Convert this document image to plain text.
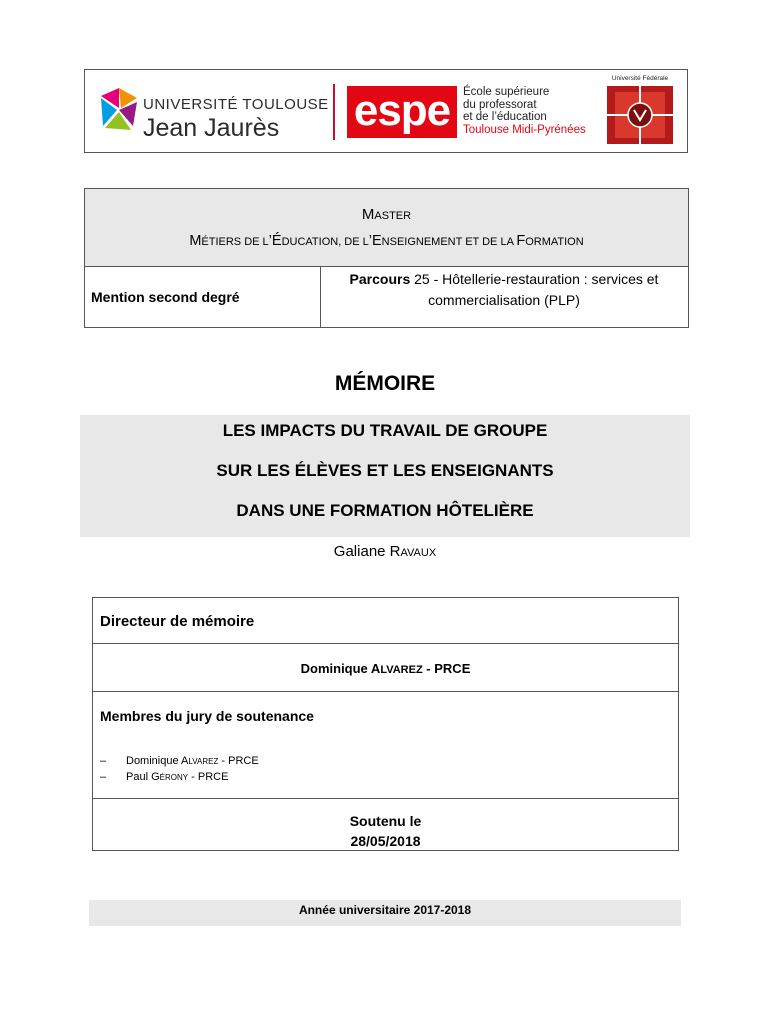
UNIVERSITÉ TOULOUSE
Jean Jaurès espe	École supérieure
du professorat
et de l’éducation
Toulouse Midi-Pyrénées
Université Fédérale
· · · · ·
MASTER
MÉTIERS DE L’ÉDUCATION, DE L’ENSEIGNEMENT ET DE LA FORMATION
Mention second degré
Parcours 25 - Hôtellerie-restauration : services et commercialisation (PLP)
MÉMOIRE
LES IMPACTS DU TRAVAIL DE GROUPE
SUR LES ÉLÈVES ET LES ENSEIGNANTS
DANS UNE FORMATION HÔTELIÈRE
Galiane RAVAUX
Directeur de mémoire
Dominique ALVAREZ - PRCE
Membres du jury de soutenance
– Dominique ALVAREZ - PRCE
– Paul GÉRONY - PRCE
Soutenu le
28/05/2018
Année universitaire 2017-2018
